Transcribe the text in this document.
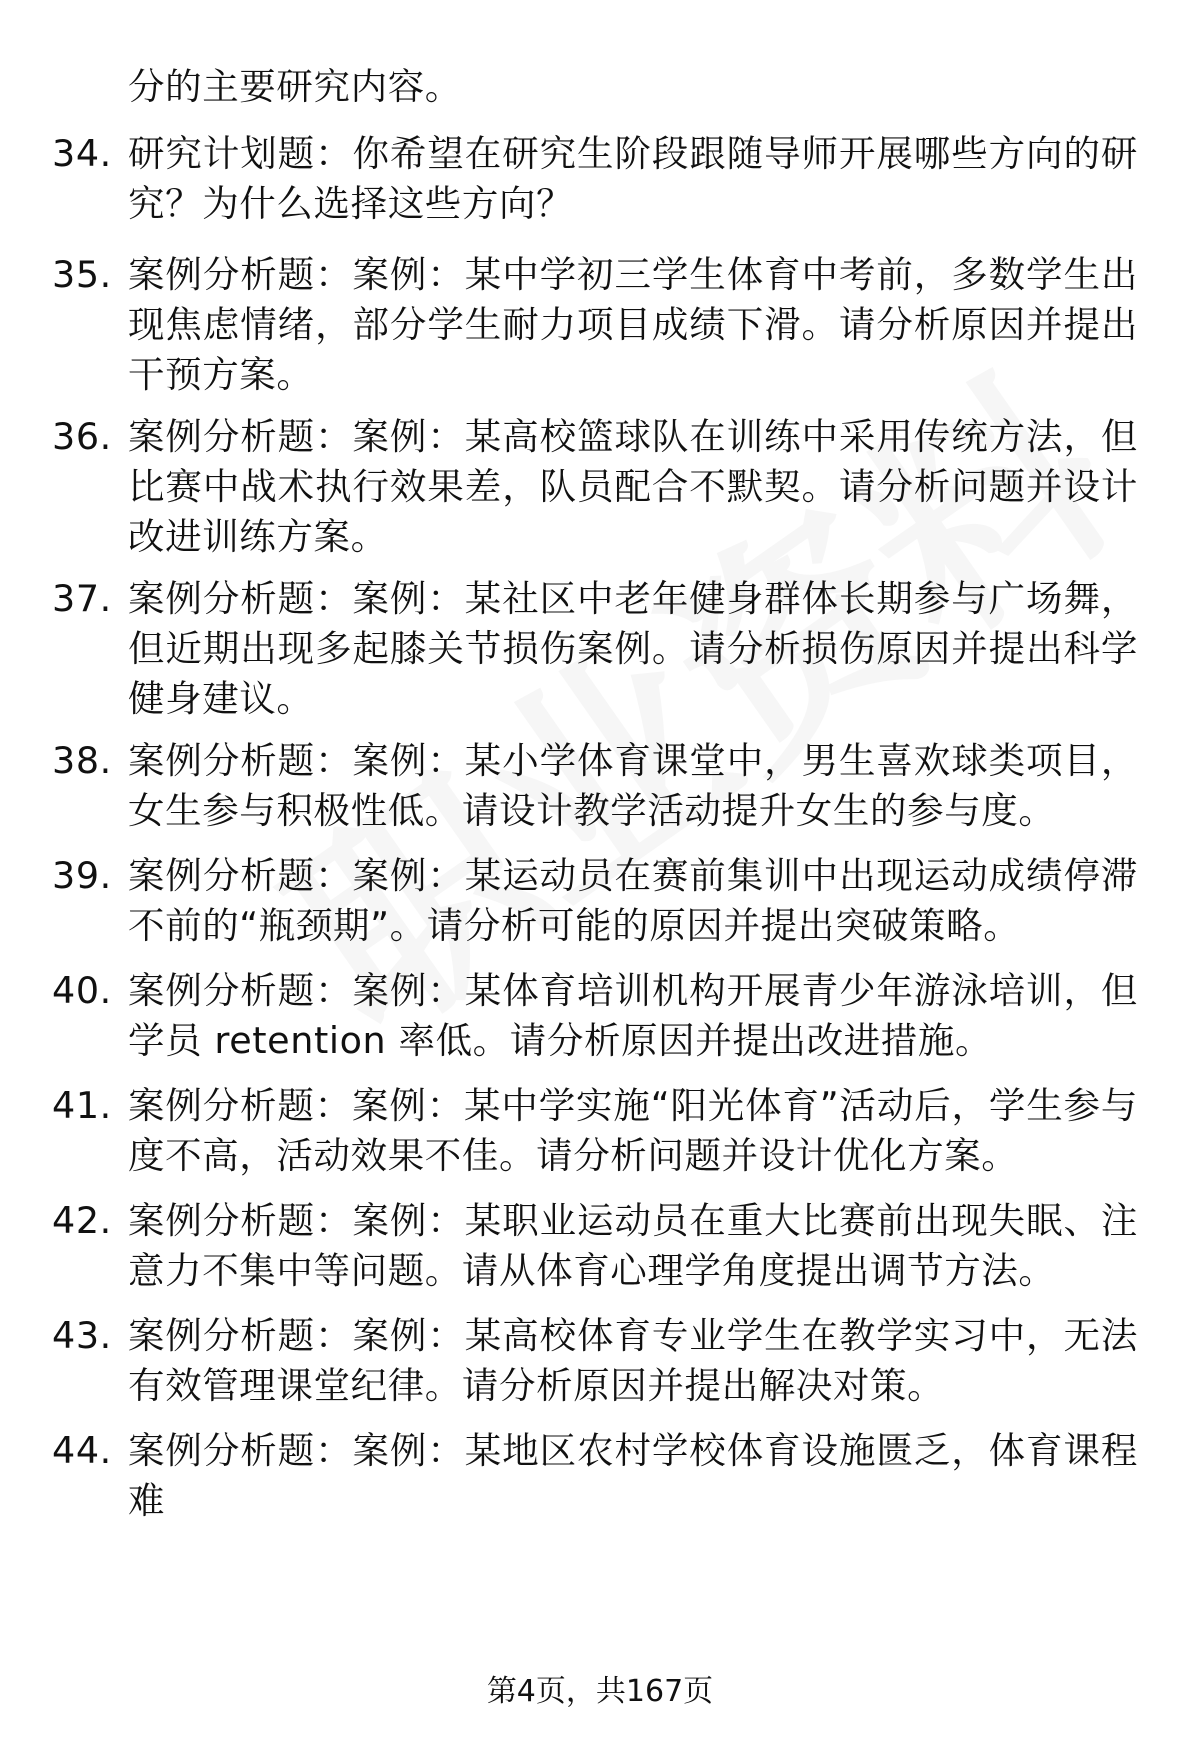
分的主要研究内容。
34. 研究计划题：你希望在研究生阶段跟随导师开展哪些方向的研究？为什么选择这些方向？
35. 案例分析题：案例：某中学初三学生体育中考前，多数学生出现焦虑情绪，部分学生耐力项目成绩下滑。请分析原因并提出干预方案。
36. 案例分析题：案例：某高校篮球队在训练中采用传统方法，但比赛中战术执行效果差，队员配合不默契。请分析问题并设计改进训练方案。
37. 案例分析题：案例：某社区中老年健身群体长期参与广场舞，但近期出现多起膝关节损伤案例。请分析损伤原因并提出科学健身建议。
38. 案例分析题：案例：某小学体育课堂中，男生喜欢球类项目，女生参与积极性低。请设计教学活动提升女生的参与度。
39. 案例分析题：案例：某运动员在赛前集训中出现运动成绩停滞不前的“瓶颈期”。请分析可能的原因并提出突破策略。
40. 案例分析题：案例：某体育培训机构开展青少年游泳培训，但学员 retention 率低。请分析原因并提出改进措施。
41. 案例分析题：案例：某中学实施“阳光体育”活动后，学生参与度不高，活动效果不佳。请分析问题并设计优化方案。
42. 案例分析题：案例：某职业运动员在重大比赛前出现失眠、注意力不集中等问题。请从体育心理学角度提出调节方法。
43. 案例分析题：案例：某高校体育专业学生在教学实习中，无法有效管理课堂纪律。请分析原因并提出解决对策。
44. 案例分析题：案例：某地区农村学校体育设施匮乏，体育课程难
第4页，共167页
